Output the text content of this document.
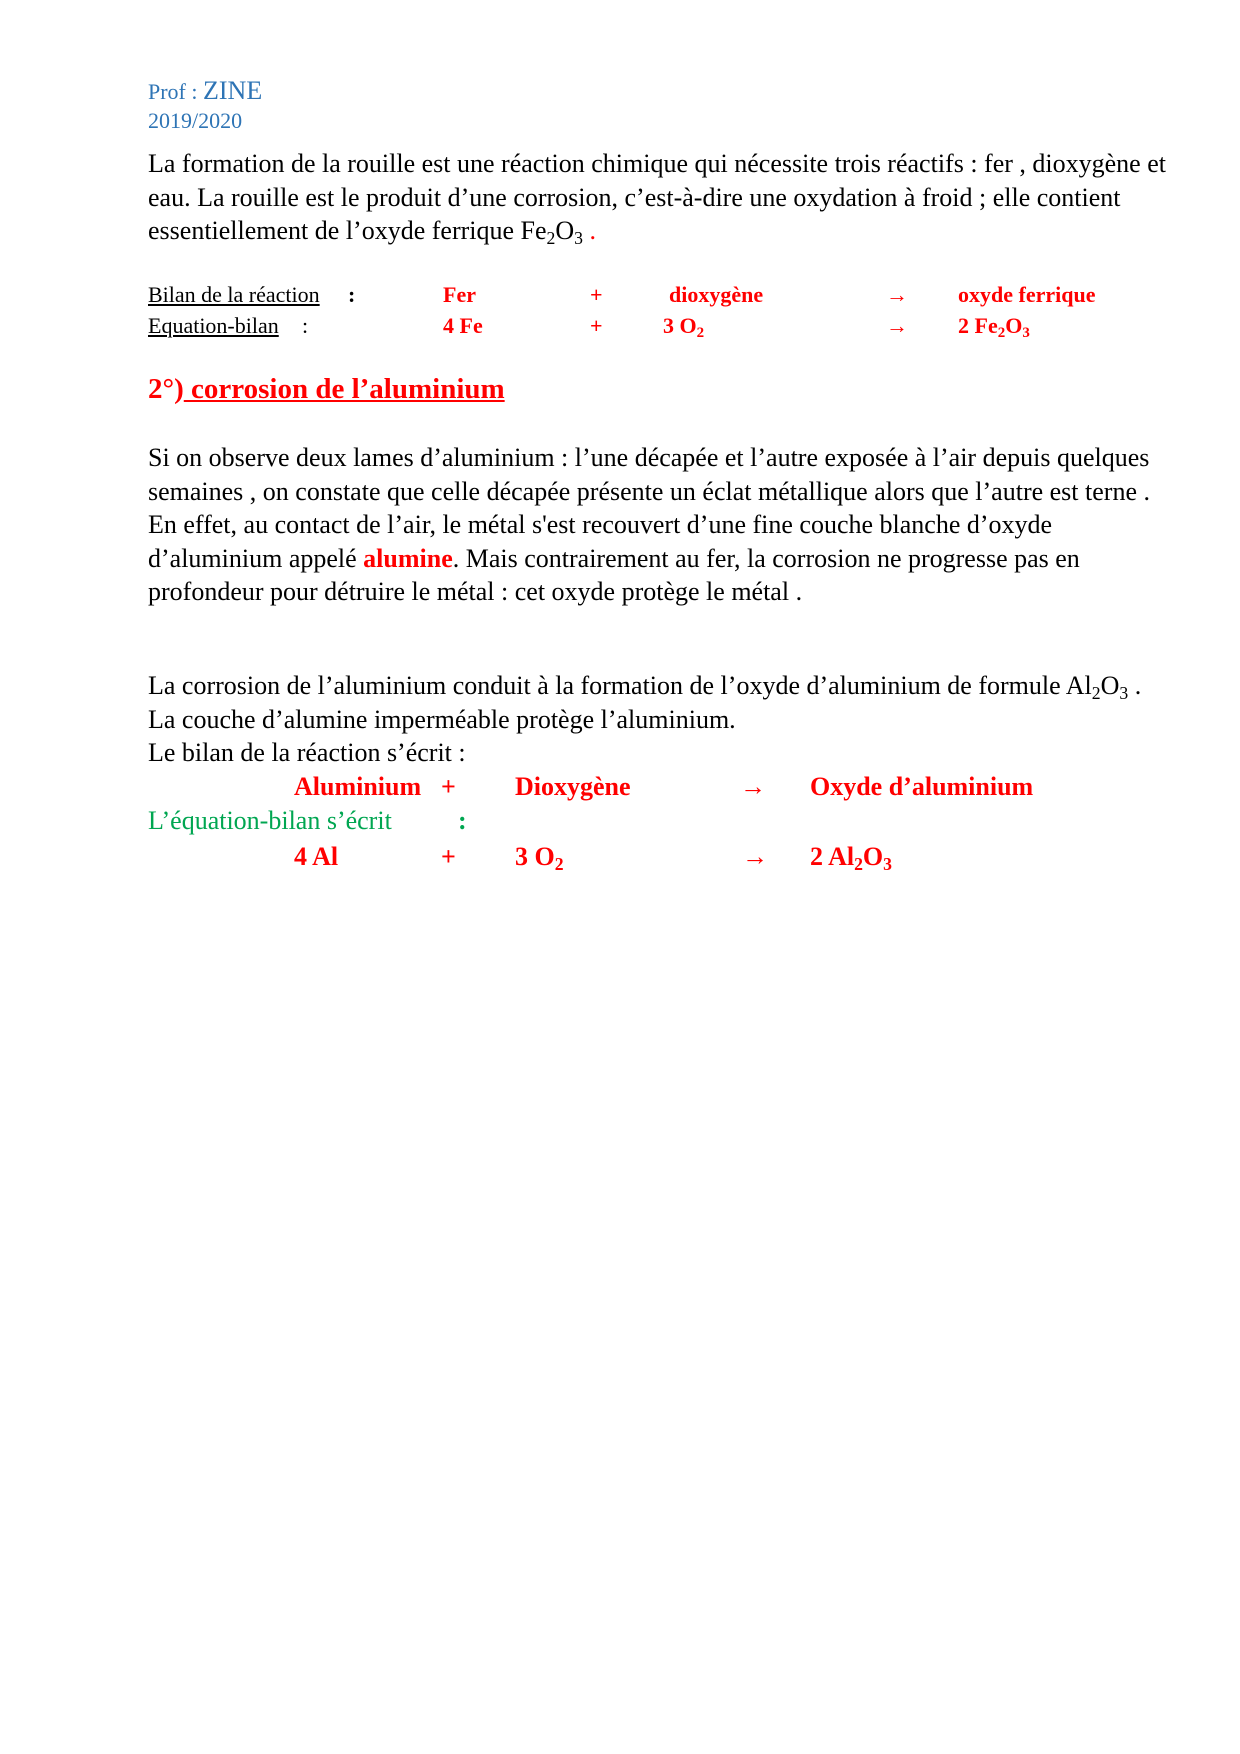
Prof : ZINE
2019/2020
La formation de la rouille est une réaction chimique qui nécessite trois réactifs : fer , dioxygène et eau. La rouille est le produit d’une corrosion, c’est-à-dire une oxydation à froid ; elle contient essentiellement de l’oxyde ferrique $Fe_2O_3$ .
Bilan de la réaction :	Fer	+	dioxygène	→ oxyde ferrique
Equation-bilan :	4 Fe	+	3 $O_2$	→ 2 $Fe_2O_3$
2°) corrosion de l’aluminium
Si on observe deux lames d’aluminium : l’une décapée et l’autre exposée à l’air depuis quelques semaines , on constate que celle décapée présente un éclat métallique alors que l’autre est terne .
En effet, au contact de l’air, le métal s'est recouvert d’une fine couche blanche d’oxyde d’aluminium appelé alumine. Mais contrairement au fer, la corrosion ne progresse pas en profondeur pour détruire le métal : cet oxyde protège le métal .
La corrosion de l’aluminium conduit à la formation de l’oxyde d’aluminium de formule $Al_2O_3$ . La couche d’alumine imperméable protège l’aluminium.
Le bilan de la réaction s’écrit :
Aluminium + Dioxygène	→ Oxyde d’aluminium
L’équation-bilan s’écrit	:
4 Al	+ 3 $O_2$	→ 2 $Al_2O_3$
